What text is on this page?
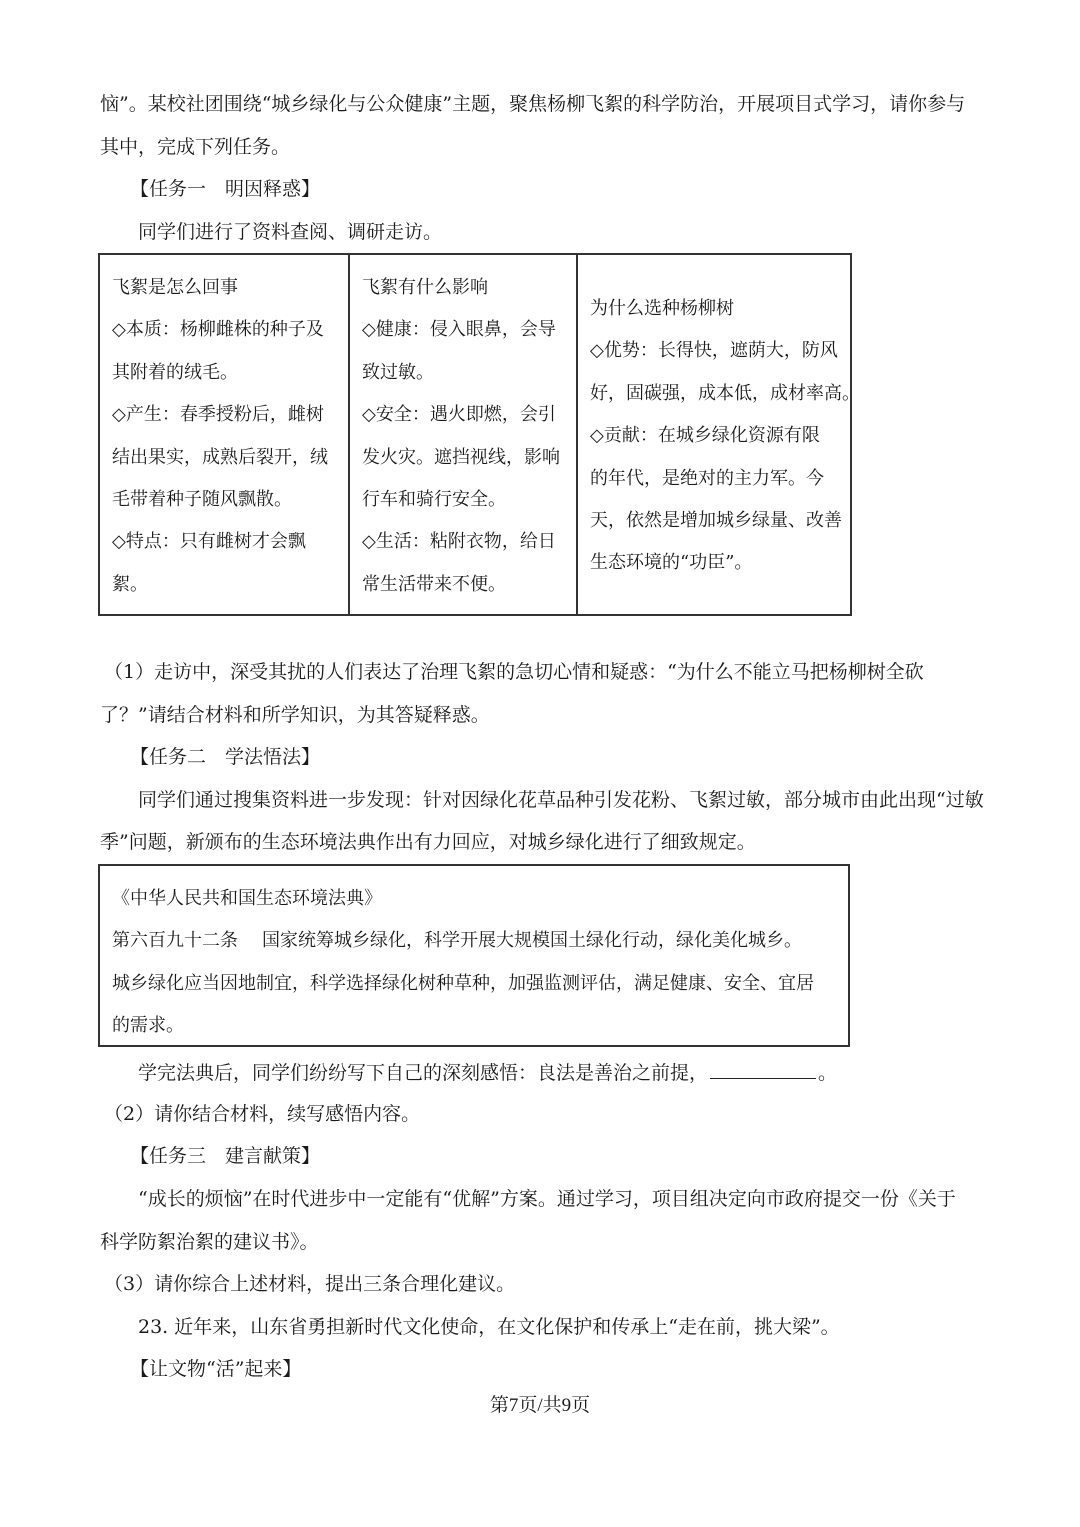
恼”。某校社团围绕“城乡绿化与公众健康”主题，聚焦杨柳飞絮的科学防治，开展项目式学习，请你参与
其中，完成下列任务。
【任务一　明因释惑】
同学们进行了资料查阅、调研走访。
飞絮是怎么回事
◇本质：杨柳雌株的种子及
其附着的绒毛。
◇产生：春季授粉后，雌树
结出果实，成熟后裂开，绒
毛带着种子随风飘散。
◇特点：只有雌树才会飘
絮。

飞絮有什么影响
◇健康：侵入眼鼻，会导
致过敏。
◇安全：遇火即燃，会引
发火灾。遮挡视线，影响
行车和骑行安全。
◇生活：粘附衣物，给日
常生活带来不便。

为什么选种杨柳树
◇优势：长得快，遮荫大，防风
好，固碳强，成本低，成材率高。
◇贡献：在城乡绿化资源有限
的年代，是绝对的主力军。今
天，依然是增加城乡绿量、改善
生态环境的“功臣”。
（1）走访中，深受其扰的人们表达了治理飞絮的急切心情和疑惑：“为什么不能立马把杨柳树全砍
了？”请结合材料和所学知识，为其答疑释惑。
【任务二　学法悟法】
同学们通过搜集资料进一步发现：针对因绿化花草品种引发花粉、飞絮过敏，部分城市由此出现“过敏
季”问题，新颁布的生态环境法典作出有力回应，对城乡绿化进行了细致规定。
《中华人民共和国生态环境法典》
第六百九十二条 国家统筹城乡绿化，科学开展大规模国土绿化行动，绿化美化城乡。
城乡绿化应当因地制宜，科学选择绿化树种草种，加强监测评估，满足健康、安全、宜居
的需求。
学完法典后，同学们纷纷写下自己的深刻感悟：良法是善治之前提，	。
（2）请你结合材料，续写感悟内容。
【任务三　建言献策】
“成长的烦恼”在时代进步中一定能有“优解”方案。通过学习，项目组决定向市政府提交一份《关于
科学防絮治絮的建议书》。
（3）请你综合上述材料，提出三条合理化建议。
23. 近年来，山东省勇担新时代文化使命，在文化保护和传承上“走在前，挑大梁”。
【让文物“活”起来】
第7页/共9页
